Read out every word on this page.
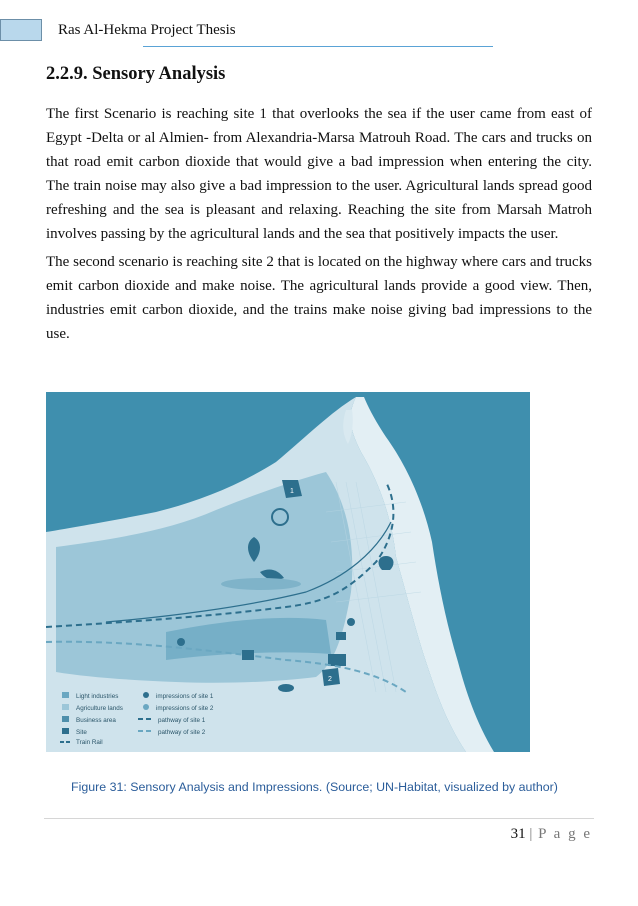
Ras Al-Hekma Project Thesis
2.2.9. Sensory Analysis

The first Scenario is reaching site 1 that overlooks the sea if the user came from east of Egypt -Delta or al Almien- from Alexandria-Marsa Matrouh Road. The cars and trucks on that road emit carbon dioxide that would give a bad impression when entering the city. The train noise may also give a bad impression to the user. Agricultural lands spread good refreshing and the sea is pleasant and relaxing. Reaching the site from Marsah Matroh involves passing by the agricultural lands and the sea that positively impacts the user.

The second scenario is reaching site 2 that is located on the highway where cars and trucks emit carbon dioxide and make noise. The agricultural lands provide a good view. Then, industries emit carbon dioxide, and the trains make noise giving bad impressions to the use.

1
2
Light industries
Agriculture lands
Business area
Site
Train Rail
impressions of site 1
impressions of site 2
pathway of site 1
pathway of site 2
Figure 31: Sensory Analysis and Impressions. (Source; UN-Habitat, visualized by author)
31 | P a g e
